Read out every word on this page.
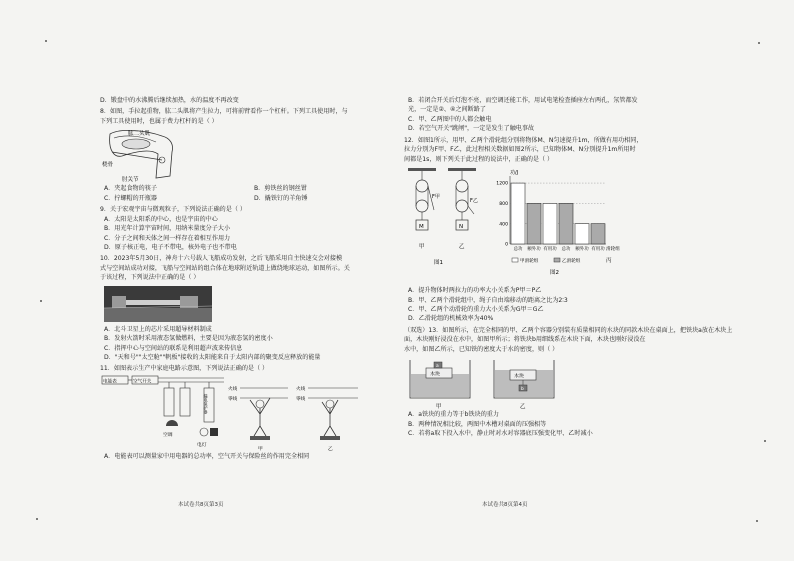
D．锻盘中的水沸腾后继续加热，水的温度不再改变
8．如图，手拉起重物，肱二头肌将产生拉力，可将前臂看作一个杠杆。下列工具使用时，与
下列工具使用时，也属于费力杠杆的是（ ）
肱二头肌
桡骨
肘关节
A．夹起食物的筷子	B．剪铁丝的钢丝钳
C．拧螺帽的开瓶器	D．撬铁钉的羊角锤
9．关于宏观宇宙与微观粒子，下列说法正确的是（ ）
A．太阳是太阳系的中心，也是宇宙的中心
B．用光年计算宇宙时间，用纳米量度分子大小
C．分子之间和天体之间一样存在着相互作用力
D．原子核正电，电子不带电，核外电子也不带电
10．2023年5月30日，神舟十六号载人飞船成功发射，之后飞船采用自主快速交会对接模
式与空间站成功对接，飞船与空间站的组合体在地球附近轨道上做绕地球运动，如图所示。关
于该过程，下列说法中正确的是（ ）
A．北斗卫星上的芯片采用超导材料制成
B．发射火箭时采用液态氢做燃料，主要是因为液态氢的密度小
C．指挥中心与空间站的联系是利用超声波来传信息
D．"天和号""太空舱""帆板"接收的太阳能来自于太阳内部的聚变反应释放的能量
11．如图表示生产中家庭电路示意图，下列说法正确的是（ ）
电能表	空气开关
漏电保护器
空调
电灯
火线
零线
甲
火线
零线
乙
A．电能表可以测量家中用电器的总功率，空气开关与保险丝的作用完全相同
本试卷共8页第3页
B．若闭合开关后灯泡不亮，而空调还能工作，用试电笔检查插座左右两孔，氖管都发
光，一定是②、④之间断路了
C．甲、乙两图中的人都会触电
D．若空气开关"跳闸"，一定是发生了触电事故
12．如图1所示，用甲、乙两个滑轮组分别将物体M、N匀速提升1m，所做有用功相同，
拉力分别为F甲、F乙，此过程相关数据如图2所示，已知物体M、N分别提升1m所用时
间都是1s，则下列关于此过程的说法中，正确的是（ ）
M
F甲
N
F乙
甲	乙
图1
功/J
0
400
800
1200
总功 额外功 有用功 总功 额外功 有用功
甲滑轮组	乙滑轮组
滑轮组
图2
丙
A．提升物体时两拉力的功率大小关系为P甲＝P乙
B．甲、乙两个滑轮组中，绳子自由端移动的距离之比为2∶3
C．甲、乙两个动滑轮的重力大小关系为G甲＝G乙
D．乙滑轮组的机械效率为40%
（双选）13．如图所示，在完全相同的甲、乙两个容器分别装有质量相同的水块的同款木块在桌面上，把铁块a放在木块上
面，木块刚好浸没在水中，如图甲所示；将铁块b用细线系在木块下面，木块也刚好浸没在
水中，如图乙所示，已知铁的密度大于水的密度，则（ ）
木块
a
甲
木块
b
乙
A．a铁块的重力等于b铁块的重力
B．两种情况相比较，两图中木槽对桌面的压强相等
C．若将a取下投入水中，静止时对水对容器底压强变化甲、乙时减小
本试卷共8页第4页
